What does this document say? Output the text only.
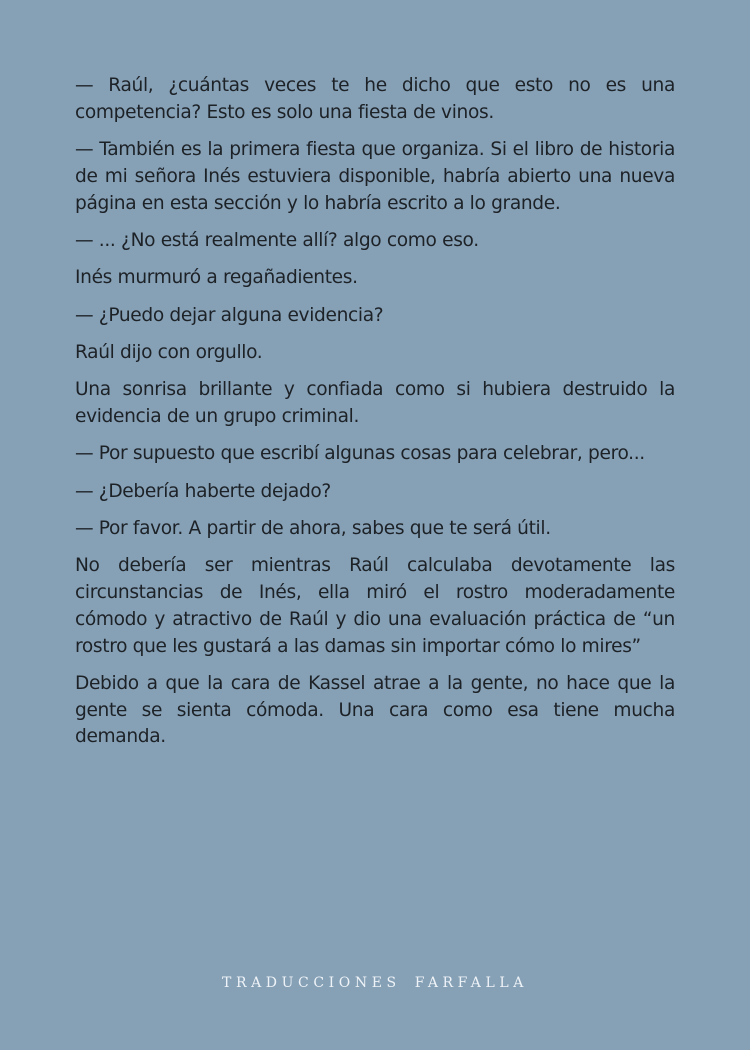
— Raúl, ¿cuántas veces te he dicho que esto no es una competencia? Esto es solo una fiesta de vinos.

— También es la primera fiesta que organiza. Si el libro de historia de mi señora Inés estuviera disponible, habría abierto una nueva página en esta sección y lo habría escrito a lo grande.

— ... ¿No está realmente allí? algo como eso.

Inés murmuró a regañadientes.

— ¿Puedo dejar alguna evidencia?

Raúl dijo con orgullo.

Una sonrisa brillante y confiada como si hubiera destruido la evidencia de un grupo criminal.

— Por supuesto que escribí algunas cosas para celebrar, pero...

— ¿Debería haberte dejado?

— Por favor. A partir de ahora, sabes que te será útil.

No debería ser mientras Raúl calculaba devotamente las circunstancias de Inés, ella miró el rostro moderadamente cómodo y atractivo de Raúl y dio una evaluación práctica de “un rostro que les gustará a las damas sin importar cómo lo mires”

Debido a que la cara de Kassel atrae a la gente, no hace que la gente se sienta cómoda. Una cara como esa tiene mucha demanda.

TRADUCCIONES FARFALLA
